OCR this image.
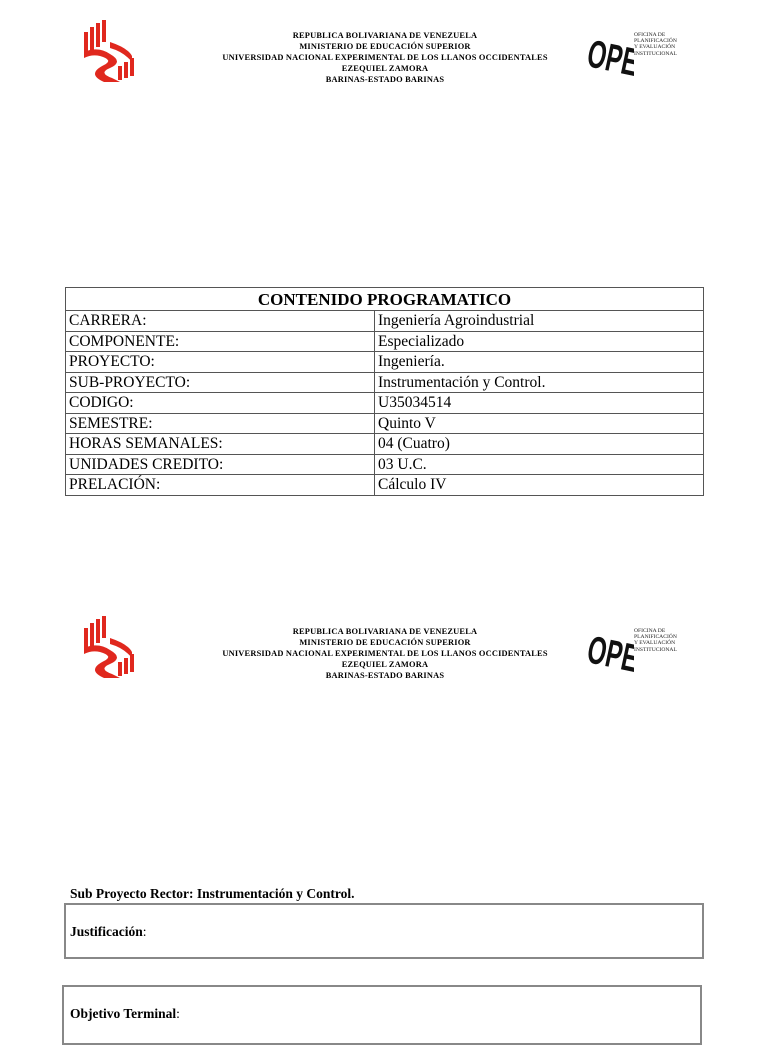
REPUBLICA BOLIVARIANA DE VENEZUELA
MINISTERIO DE EDUCACIÓN SUPERIOR
UNIVERSIDAD NACIONAL EXPERIMENTAL DE LOS LLANOS OCCIDENTALES
EZEQUIEL ZAMORA
BARINAS-ESTADO BARINAS	OPEI
OFICINA DE
PLANIFICACIÓN
Y EVALUACIÓN
INSTITUCIONAL
CONTENIDO PROGRAMATICO	
CARRERA:	Ingeniería Agroindustrial
COMPONENTE:	Especializado
PROYECTO:	Ingeniería.
SUB-PROYECTO:	Instrumentación y Control.
CODIGO:	U35034514
SEMESTRE:	Quinto V
HORAS SEMANALES:	04 (Cuatro)
UNIDADES CREDITO:	03 U.C.
PRELACIÓN:	Cálculo IV
REPUBLICA BOLIVARIANA DE VENEZUELA
MINISTERIO DE EDUCACIÓN SUPERIOR
UNIVERSIDAD NACIONAL EXPERIMENTAL DE LOS LLANOS OCCIDENTALES
EZEQUIEL ZAMORA
BARINAS-ESTADO BARINAS	OPEI
OFICINA DE
PLANIFICACIÓN
Y EVALUACIÓN
INSTITUCIONAL
Sub Proyecto Rector: Instrumentación y Control.
Justificación:
Objetivo Terminal:
